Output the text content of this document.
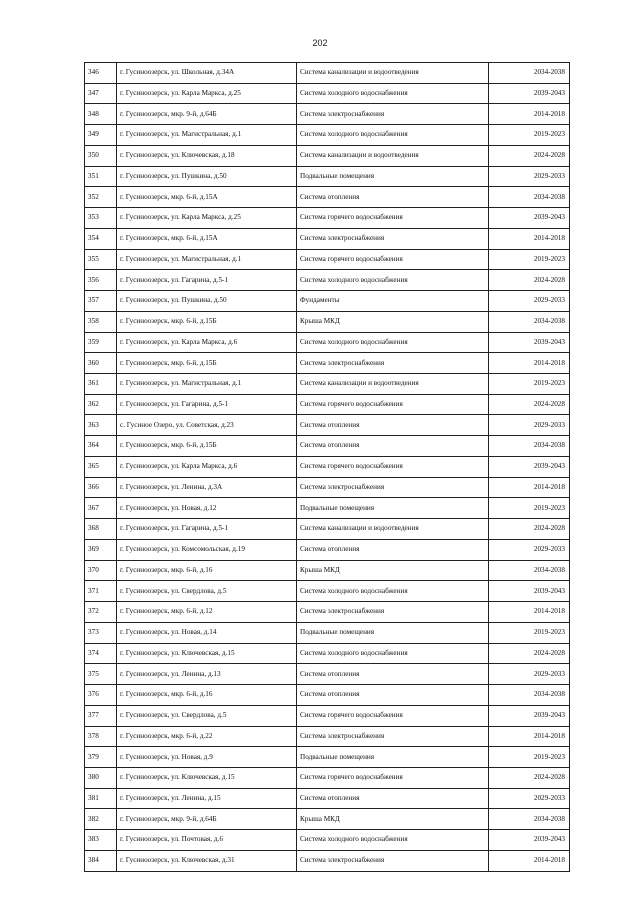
202
346	г. Гусиноозерск, ул. Школьная, д.34А	Система канализации и водоотведения	2034-2038
347	г. Гусиноозерск, ул. Карла Маркса, д.25	Система холодного водоснабжения	2039-2043
348	г. Гусиноозерск, мкр. 9-й, д.64Б	Система электроснабжения	2014-2018
349	г. Гусиноозерск, ул. Магистральная, д.1	Система холодного водоснабжения	2019-2023
350	г. Гусиноозерск, ул. Ключевская, д.18	Система канализации и водоотведения	2024-2028
351	г. Гусиноозерск, ул. Пушкина, д.50	Подвальные помещения	2029-2033
352	г. Гусиноозерск, мкр. 6-й, д.15А	Система отопления	2034-2038
353	г. Гусиноозерск, ул. Карла Маркса, д.25	Система горячего водоснабжения	2039-2043
354	г. Гусиноозерск, мкр. 6-й, д.15А	Система электроснабжения	2014-2018
355	г. Гусиноозерск, ул. Магистральная, д.1	Система горячего водоснабжения	2019-2023
356	г. Гусиноозерск, ул. Гагарина, д.5-1	Система холодного водоснабжения	2024-2028
357	г. Гусиноозерск, ул. Пушкина, д.50	Фундаменты	2029-2033
358	г. Гусиноозерск, мкр. 6-й, д.15Б	Крыша МКД	2034-2038
359	г. Гусиноозерск, ул. Карла Маркса, д.6	Система холодного водоснабжения	2039-2043
360	г. Гусиноозерск, мкр. 6-й, д.15Б	Система электроснабжения	2014-2018
361	г. Гусиноозерск, ул. Магистральная, д.1	Система канализации и водоотведения	2019-2023
362	г. Гусиноозерск, ул. Гагарина, д.5-1	Система горячего водоснабжения	2024-2028
363	с. Гусиное Озеро, ул. Советская, д.23	Система отопления	2029-2033
364	г. Гусиноозерск, мкр. 6-й, д.15Б	Система отопления	2034-2038
365	г. Гусиноозерск, ул. Карла Маркса, д.6	Система горячего водоснабжения	2039-2043
366	г. Гусиноозерск, ул. Ленина, д.3А	Система электроснабжения	2014-2018
367	г. Гусиноозерск, ул. Новая, д.12	Подвальные помещения	2019-2023
368	г. Гусиноозерск, ул. Гагарина, д.5-1	Система канализации и водоотведения	2024-2028
369	г. Гусиноозерск, ул. Комсомольская, д.19	Система отопления	2029-2033
370	г. Гусиноозерск, мкр. 6-й, д.16	Крыша МКД	2034-2038
371	г. Гусиноозерск, ул. Свердлова, д.5	Система холодного водоснабжения	2039-2043
372	г. Гусиноозерск, мкр. 6-й, д.12	Система электроснабжения	2014-2018
373	г. Гусиноозерск, ул. Новая, д.14	Подвальные помещения	2019-2023
374	г. Гусиноозерск, ул. Ключевская, д.15	Система холодного водоснабжения	2024-2028
375	г. Гусиноозерск, ул. Ленина, д.13	Система отопления	2029-2033
376	г. Гусиноозерск, мкр. 6-й, д.16	Система отопления	2034-2038
377	г. Гусиноозерск, ул. Свердлова, д.5	Система горячего водоснабжения	2039-2043
378	г. Гусиноозерск, мкр. 6-й, д.22	Система электроснабжения	2014-2018
379	г. Гусиноозерск, ул. Новая, д.9	Подвальные помещения	2019-2023
380	г. Гусиноозерск, ул. Ключевская, д.15	Система горячего водоснабжения	2024-2028
381	г. Гусиноозерск, ул. Ленина, д.15	Система отопления	2029-2033
382	г. Гусиноозерск, мкр. 9-й, д.64Б	Крыша МКД	2034-2038
383	г. Гусиноозерск, ул. Почтовая, д.6	Система холодного водоснабжения	2039-2043
384	г. Гусиноозерск, ул. Ключевская, д.31	Система электроснабжения	2014-2018
